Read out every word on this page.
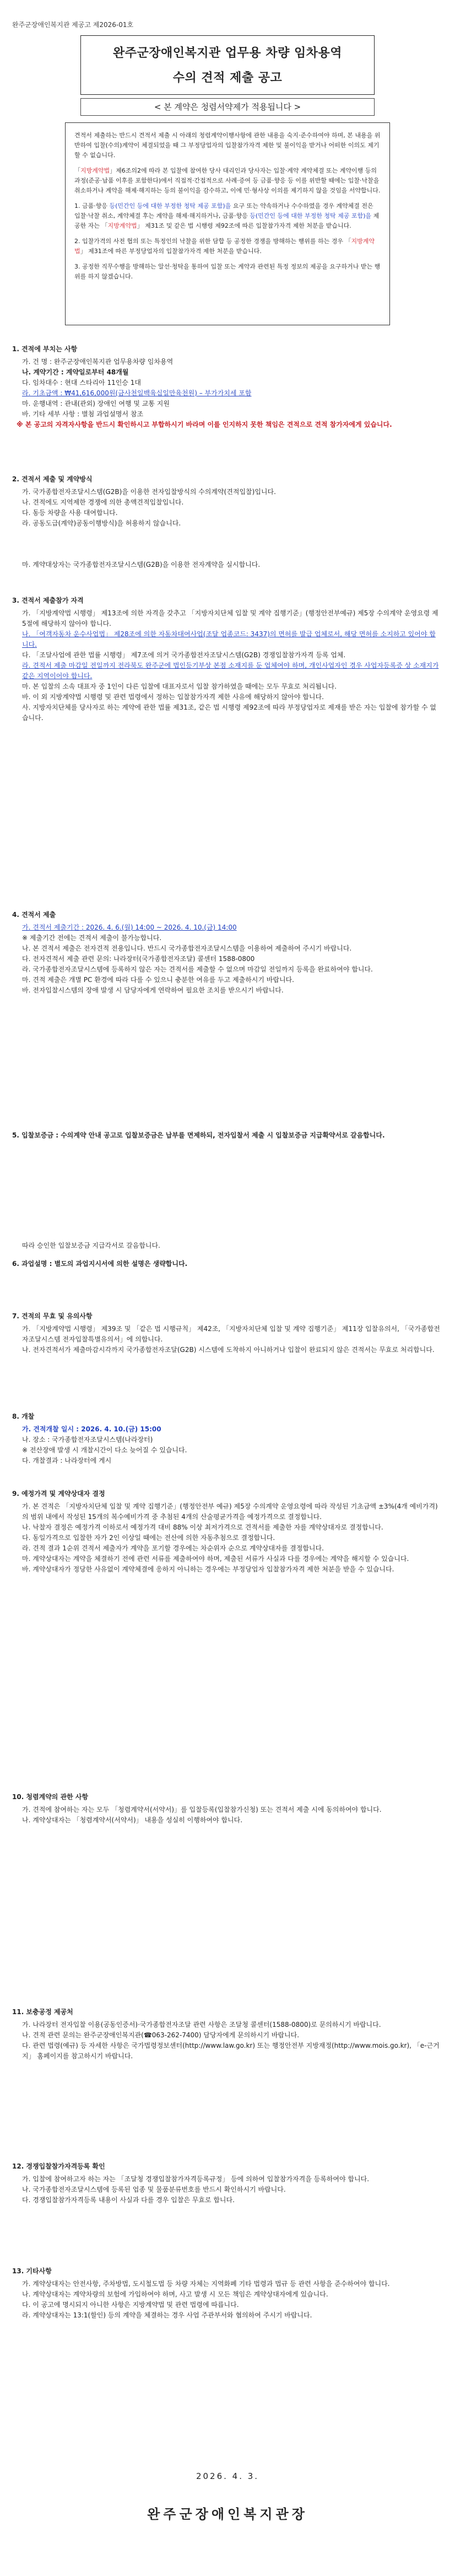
완주군장애인복지관 제공고 제2026-01호
완주군장애인복지관 업무용 차량 임차용역
수의 견적 제출 공고
< 본 계약은 청렴서약제가 적용됩니다 >

견적서 제출하는 반드시 견적서 제출 시 아래의 청렴계약이행사항에 관한 내용을 숙지·준수하여야 하며, 본 내용을 위반하여 입찰(수의)계약이 체결되었을 때 그 부정당업자의 입찰참가자격 제한 및 불이익을 받거나 어떠한 이의도 제기할 수 없습니다.

「지방계약법」제6조의2에 따라 본 입찰에 참여한 당사 대리인과 당사자는 입찰·계약 계약체결 또는 계약이행 등의 과정(준공·납품 이후를 포함한다)에서 직접적·간접적으로 사례·증여 등 금품·향응 등 이를 위반할 때에는 입찰·낙찰을 취소하거나 계약을 해제·해지하는 등의 불이익을 감수하고, 이에 민·형사상 이의를 제기하지 않을 것임을 서약합니다.

1. 금품·향응 등(민간인 등에 대한 부정한 청탁 제공 포함)을 요구 또는 약속하거나 수수하였을 경우 계약체결 전은 입찰·낙찰 취소, 계약체결 후는 계약을 해제·해지하거나, 금품·향응 등(민간인 등에 대한 부정한 청탁 제공 포함)을 제공한 자는 「지방계약법」 제31조 및 같은 법 시행령 제92조에 따른 입찰참가자격 제한 처분을 받습니다.

2. 입찰가격의 사전 협의 또는 특정인의 낙찰을 위한 담합 등 공정한 경쟁을 방해하는 행위를 하는 경우 「지방계약법」 제31조에 따른 부정당업자의 입찰참가자격 제한 처분을 받습니다.

3. 공정한 직무수행을 방해하는 알선·청탁을 통하여 입찰 또는 계약과 관련된 특정 정보의 제공을 요구하거나 받는 행위를 하지 않겠습니다.

1. 견적에 부치는 사항
가. 건 명 : 완주군장애인복지관 업무용차량 임차용역
나. 계약기간 : 계약일로부터 48개월
다. 임차대수 : 현대 스타리아 11인승 1대
라. 기초금액 : ₩41,616,000원(금사천일백육십일만육천원) – 부가가치세 포함
마. 운행내역 : 관내(관외) 장애인 여행 및 교통 지원
바. 기타 세부 사항 : 별첨 과업설명서 참조
※ 본 공고의 자격자사항을 반드시 확인하시고 부합하시기 바라며 이를 인지하지 못한 책임은 견적으로 견적 참가자에게 있습니다.
2. 견적서 제출 및 계약방식
가. 국가종합전자조달시스템(G2B)을 이용한 전자입찰방식의 수의계약(견적입찰)입니다.
나. 견적에도 지역제한 경쟁에 의한 총액견적입찰입니다.
다. 동등 차량을 사용 대여합니다.
라. 공동도급(계약)공동이행방식)을 허용하지 않습니다.
마. 계약대상자는 국가종합전자조달시스템(G2B)을 이용한 전자계약을 실시합니다.
3. 견적서 제출참가 자격
가. 「지방계약법 시행령」 제13조에 의한 자격을 갖추고 「지방자치단체 입찰 및 계약 집행기준」(행정안전부예규) 제5장 수의계약 운영요령 제5절에 해당하지 않아야 합니다.
나. 「여객자동차 운수사업법」 제28조에 의한 자동차대여사업(조달 업종코드: 3437)의 면허를 발급 업체로서, 해당 면허를 소지하고 있어야 합니다.
다. 「조달사업에 관한 법률 시행령」 제7조에 의거 국가종합전자조달시스템(G2B) 경쟁입찰참가자격 등록 업체.
라. 견적서 제출 마감일 전일까지 전라북도 완주군에 법인등기부상 본점 소재지를 둔 업체여야 하며, 개인사업자인 경우 사업자등록증 상 소재지가 같은 지역이어야 합니다.
마. 본 입찰의 소속 대표자 중 1인이 다른 입찰에 대표자로서 입찰 참가하였을 때에는 모두 무효로 처리됩니다.
바. 이 외 지방계약법 시행령 및 관련 법령에서 정하는 입찰참가자격 제한 사유에 해당하지 않아야 합니다.
사. 지방자치단체를 당사자로 하는 계약에 관한 법률 제31조, 같은 법 시행령 제92조에 따라 부정당업자로 제재를 받은 자는 입찰에 참가할 수 없습니다.
4. 견적서 제출
가. 견적서 제출기간 : 2026. 4. 6.(월) 14:00 ~ 2026. 4. 10.(금) 14:00
※ 제출기간 전에는 견적서 제출이 불가능합니다.
나. 본 견적서 제출은 전자견적 전용입니다. 반드시 국가종합전자조달시스템을 이용하여 제출하여 주시기 바랍니다.
다. 전자견적서 제출 관련 문의: 나라장터(국가종합전자조달) 콜센터 1588-0800
라. 국가종합전자조달시스템에 등록하지 않은 자는 견적서를 제출할 수 없으며 마감일 전일까지 등록을 완료하여야 합니다.
마. 견적 제출은 개별 PC 환경에 따라 다를 수 있으니 충분한 여유를 두고 제출하시기 바랍니다.
바. 전자입찰시스템의 장애 발생 시 담당자에게 연락하여 필요한 조치를 받으시기 바랍니다.
5. 입찰보증금 : 수의계약 안내 공고로 입찰보증금은 납부를 면제하되, 전자입찰서 제출 시 입찰보증금 지급확약서로 갈음합니다.
따라 승인한 입찰보증금 지급각서로 갈음합니다.
6. 과업설명 : 별도의 과업지시서에 의한 설명은 생략합니다.
7. 견적의 무효 및 유의사항
가. 「지방계약법 시행령」 제39조 및 「같은 법 시행규칙」 제42조, 「지방자치단체 입찰 및 계약 집행기준」 제11장 입찰유의서, 「국가종합전자조달시스템 전자입찰특별유의서」에 의합니다.
나. 전자견적서가 제출마감시각까지 국가종합전자조달(G2B) 시스템에 도착하지 아니하거나 입찰이 완료되지 않은 견적서는 무효로 처리합니다.
8. 개찰
가. 견적개찰 일시 : 2026. 4. 10.(금) 15:00
나. 장소 : 국가종합전자조달시스템(나라장터)
※ 전산장애 발생 시 개찰시간이 다소 늦어질 수 있습니다.
다. 개찰결과 : 나라장터에 게시
9. 예정가격 및 계약상대자 결정
가. 본 견적은 「지방자치단체 입찰 및 계약 집행기준」(행정안전부 예규) 제5장 수의계약 운영요령에 따라 작성된 기초금액 ±3%(4개 예비가격)의 범위 내에서 작성된 15개의 복수예비가격 중 추첨된 4개의 산술평균가격을 예정가격으로 결정합니다.
나. 낙찰자 결정은 예정가격 이하로서 예정가격 대비 88% 이상 최저가격으로 견적서를 제출한 자를 계약상대자로 결정합니다.
다. 동일가격으로 입찰한 자가 2인 이상일 때에는 전산에 의한 자동추첨으로 결정합니다.
라. 견적 결과 1순위 견적서 제출자가 계약을 포기할 경우에는 차순위자 순으로 계약상대자를 결정합니다.
마. 계약상대자는 계약을 체결하기 전에 관련 서류를 제출하여야 하며, 제출된 서류가 사실과 다를 경우에는 계약을 해지할 수 있습니다.
바. 계약상대자가 정당한 사유없이 계약체결에 응하지 아니하는 경우에는 부정당업자 입찰참가자격 제한 처분을 받을 수 있습니다.
10. 청렴계약의 관한 사항
가. 견적에 참여하는 자는 모두 「청렴계약서(서약서)」를 입찰등록(입찰참가신청) 또는 견적서 제출 시에 동의하여야 합니다.
나. 계약상대자는 「청렴계약서(서약서)」 내용을 성실히 이행하여야 합니다.
11. 보충공정 제공처
가. 나라장터 전자입찰 이용(공동인증서)·국가종합전자조달 관련 사항은 조달청 콜센터(1588-0800)로 문의하시기 바랍니다.
나. 견적 관련 문의는 완주군장애인복지관(☎063-262-7400) 담당자에게 문의하시기 바랍니다.
다. 관련 법령(예규) 등 자세한 사항은 국가법령정보센터(http://www.law.go.kr) 또는 행정안전부 지방재정(http://www.mois.go.kr), 「e-근거지」 홈페이지를 참고하시기 바랍니다.
12. 경쟁입찰참가자격등록 확인
가. 입찰에 참여하고자 하는 자는 「조달청 경쟁입찰참가자격등록규정」 등에 의하여 입찰참가자격을 등록하여야 합니다.
나. 국가종합전자조달시스템에 등록된 업종 및 물품분류번호를 반드시 확인하시기 바랍니다.
다. 경쟁입찰참가자격등록 내용이 사실과 다를 경우 입찰은 무효로 합니다.
13. 기타사항
가. 계약상대자는 안전사항, 주차방법, 도시철도법 등 차량 자체는 지역화폐 기타 법령과 법규 등 관련 사항을 준수하여야 합니다.
나. 계약상대자는 계약차량의 보험에 가입하여야 하며, 사고 발생 시 모든 책임은 계약상대자에게 있습니다.
다. 이 공고에 명시되지 아니한 사항은 지방계약법 및 관련 법령에 따릅니다.
라. 계약상대자는 13:1(할인) 등의 계약을 체결하는 경우 사업 주관부서와 협의하여 주시기 바랍니다.
2026. 4. 3.
완주군장애인복지관장
